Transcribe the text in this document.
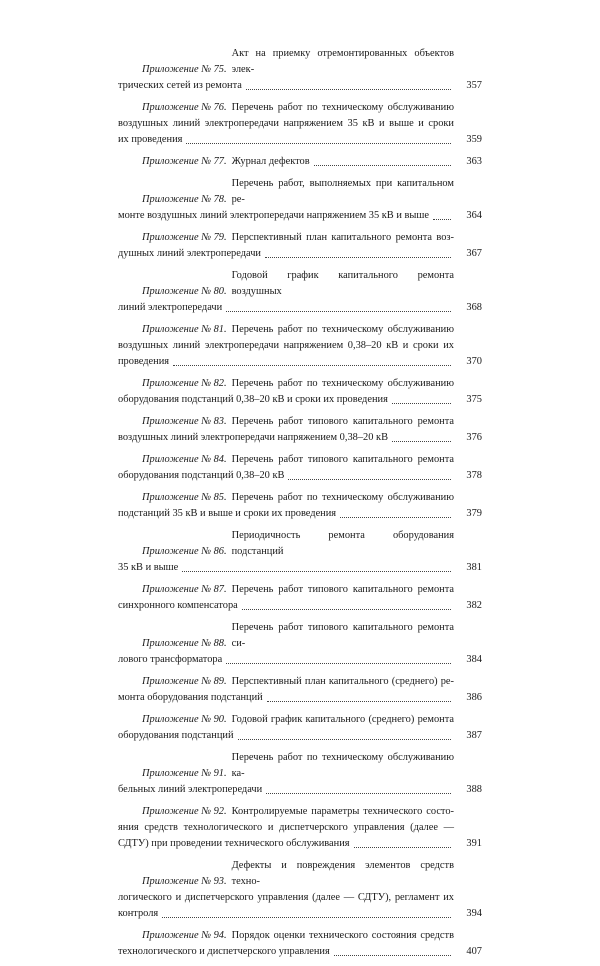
Приложение № 75.
Акт на приемку отремонтированных объектов элек-
трических сетей из ремонта	357
Приложение № 76. Перечень работ по техническому обслуживанию
воздушных линий электропередачи напряжением 35 кВ и выше и сроки
их проведения	359
Приложение № 77. Журнал дефектов	363
Приложение № 78.
Перечень работ, выполняемых при капитальном ре-
монте воздушных линий электропередачи напряжением 35 кВ и выше	364
Приложение № 79. Перспективный план капитального ремонта воз-
душных линий электропередачи	367
Приложение № 80.
Годовой график капитального ремонта воздушных
линий электропередачи	368
Приложение № 81. Перечень работ по техническому обслуживанию
воздушных линий электропередачи напряжением 0,38–20 кВ и сроки их
проведения	370
Приложение № 82. Перечень работ по техническому обслуживанию
оборудования подстанций 0,38–20 кВ и сроки их проведения	375
Приложение № 83. Перечень работ типового капитального ремонта
воздушных линий электропередачи напряжением 0,38–20 кВ	376
Приложение № 84. Перечень работ типового капитального ремонта
оборудования подстанций 0,38–20 кВ	378
Приложение № 85. Перечень работ по техническому обслуживанию
подстанций 35 кВ и выше и сроки их проведения	379
Приложение № 86.
Периодичность ремонта оборудования подстанций
35 кВ и выше	381
Приложение № 87. Перечень работ типового капитального ремонта
синхронного компенсатора	382
Приложение № 88.
Перечень работ типового капитального ремонта си-
лового трансформатора	384
Приложение № 89. Перспективный план капитального (среднего) ре-
монта оборудования подстанций	386
Приложение № 90. Годовой график капитального (среднего) ремонта
оборудования подстанций	387
Приложение № 91.
Перечень работ по техническому обслуживанию ка-
бельных линий электропередачи	388
Приложение № 92. Контролируемые параметры технического состо-
яния средств технологического и диспетчерского управления (далее —
СДТУ) при проведении технического обслуживания	391
Приложение № 93.
Дефекты и повреждения элементов средств техно-
логического и диспетчерского управления (далее — СДТУ), регламент их
контроля	394
Приложение № 94. Порядок оценки технического состояния средств
технологического и диспетчерского управления	407
